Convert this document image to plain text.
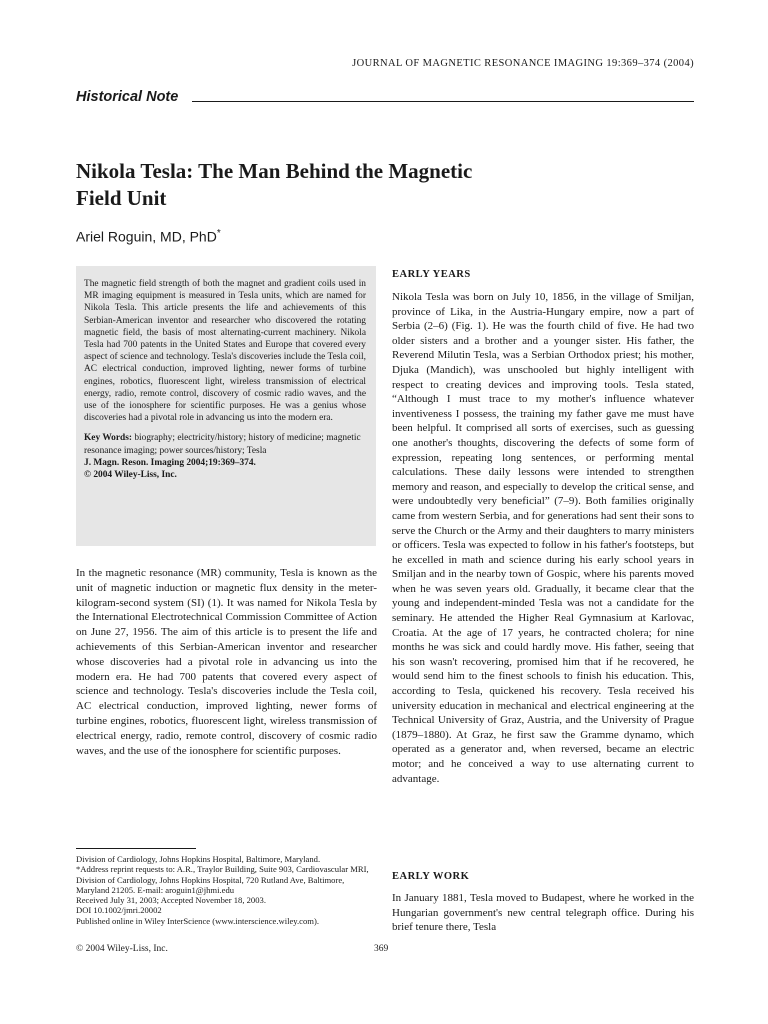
JOURNAL OF MAGNETIC RESONANCE IMAGING 19:369–374 (2004)
Historical Note
Nikola Tesla: The Man Behind the Magnetic
Field Unit
Ariel Roguin, MD, PhD*

The magnetic field strength of both the magnet and gradient coils used in MR imaging equipment is measured in Tesla units, which are named for Nikola Tesla. This article presents the life and achievements of this Serbian-American inventor and researcher who discovered the rotating magnetic field, the basis of most alternating-current machinery. Nikola Tesla had 700 patents in the United States and Europe that covered every aspect of science and technology. Tesla's discoveries include the Tesla coil, AC electrical conduction, improved lighting, newer forms of turbine engines, robotics, fluorescent light, wireless transmission of electrical energy, radio, remote control, discovery of cosmic radio waves, and the use of the ionosphere for scientific purposes. He was a genius whose discoveries had a pivotal role in advancing us into the modern era.

Key Words: biography; electricity/history; history of medicine; magnetic resonance imaging; power sources/history; Tesla

J. Magn. Reson. Imaging 2004;19:369–374.

© 2004 Wiley-Liss, Inc.

In the magnetic resonance (MR) community, Tesla is known as the unit of magnetic induction or magnetic flux density in the meter-kilogram-second system (SI) (1). It was named for Nikola Tesla by the International Electrotechnical Commission Committee of Action on June 27, 1956. The aim of this article is to present the life and achievements of this Serbian-American inventor and researcher whose discoveries had a pivotal role in advancing us into the modern era. He had 700 patents that covered every aspect of science and technology. Tesla's discoveries include the Tesla coil, AC electrical conduction, improved lighting, newer forms of turbine engines, robotics, fluorescent light, wireless transmission of electrical energy, radio, remote control, discovery of cosmic radio waves, and the use of the ionosphere for scientific purposes.

Division of Cardiology, Johns Hopkins Hospital, Baltimore, Maryland.

*Address reprint requests to: A.R., Traylor Building, Suite 903, Cardiovascular MRI, Division of Cardiology, Johns Hopkins Hospital, 720 Rutland Ave, Baltimore, Maryland 21205. E-mail: aroguin1@jhmi.edu

Received July 31, 2003; Accepted November 18, 2003.

DOI 10.1002/jmri.20002

Published online in Wiley InterScience (www.interscience.wiley.com).

© 2004 Wiley-Liss, Inc.	369
EARLY YEARS

Nikola Tesla was born on July 10, 1856, in the village of Smiljan, province of Lika, in the Austria-Hungary empire, now a part of Serbia (2–6) (Fig. 1). He was the fourth child of five. He had two older sisters and a brother and a younger sister. His father, the Reverend Milutin Tesla, was a Serbian Orthodox priest; his mother, Djuka (Mandich), was unschooled but highly intelligent with respect to creating devices and improving tools. Tesla stated, “Although I must trace to my mother's influence whatever inventiveness I possess, the training my father gave me must have been helpful. It comprised all sorts of exercises, such as guessing one another's thoughts, discovering the defects of some form of expression, repeating long sentences, or performing mental calculations. These daily lessons were intended to strengthen memory and reason, and especially to develop the critical sense, and were undoubtedly very beneficial” (7–9). Both families originally came from western Serbia, and for generations had sent their sons to serve the Church or the Army and their daughters to marry ministers or officers. Tesla was expected to follow in his father's footsteps, but he excelled in math and science during his early school years in Smiljan and in the nearby town of Gospic, where his parents moved when he was seven years old. Gradually, it became clear that the young and independent-minded Tesla was not a candidate for the seminary. He attended the Higher Real Gymnasium at Karlovac, Croatia. At the age of 17 years, he contracted cholera; for nine months he was sick and could hardly move. His father, seeing that his son wasn't recovering, promised him that if he recovered, he would send him to the finest schools to finish his education. This, according to Tesla, quickened his recovery. Tesla received his university education in mechanical and electrical engineering at the Technical University of Graz, Austria, and the University of Prague (1879–1880). At Graz, he first saw the Gramme dynamo, which operated as a generator and, when reversed, became an electric motor; and he conceived a way to use alternating current to advantage.

EARLY WORK

In January 1881, Tesla moved to Budapest, where he worked in the Hungarian government's new central telegraph office. During his brief tenure there, Tesla
